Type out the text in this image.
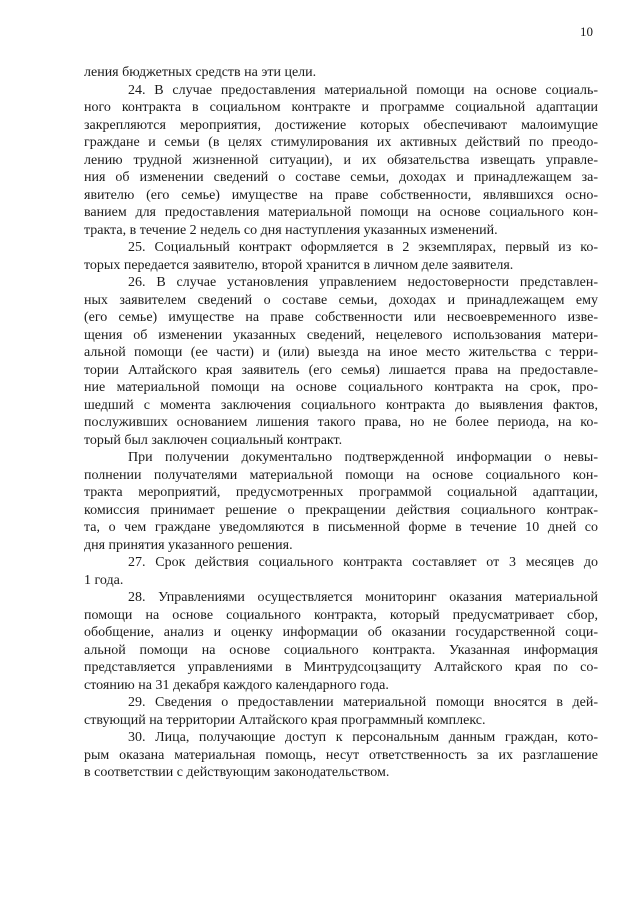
10
ления бюджетных средств на эти цели.
24. В случае предоставления материальной помощи на основе социаль-
ного контракта в социальном контракте и программе социальной адаптации
закрепляются мероприятия, достижение которых обеспечивают малоимущие
граждане и семьи (в целях стимулирования их активных действий по преодо-
лению трудной жизненной ситуации), и их обязательства извещать управле-
ния об изменении сведений о составе семьи, доходах и принадлежащем за-
явителю (его семье) имуществе на праве собственности, являвшихся осно-
ванием для предоставления материальной помощи на основе социального кон-
тракта, в течение 2 недель со дня наступления указанных изменений.
25. Социальный контракт оформляется в 2 экземплярах, первый из ко-
торых передается заявителю, второй хранится в личном деле заявителя.
26. В случае установления управлением недостоверности представлен-
ных заявителем сведений о составе семьи, доходах и принадлежащем ему
(его семье) имуществе на праве собственности или несвоевременного изве-
щения об изменении указанных сведений, нецелевого использования матери-
альной помощи (ее части) и (или) выезда на иное место жительства с терри-
тории Алтайского края заявитель (его семья) лишается права на предоставле-
ние материальной помощи на основе социального контракта на срок, про-
шедший с момента заключения социального контракта до выявления фактов,
послуживших основанием лишения такого права, но не более периода, на ко-
торый был заключен социальный контракт.
При получении документально подтвержденной информации о невы-
полнении получателями материальной помощи на основе социального кон-
тракта мероприятий, предусмотренных программой социальной адаптации,
комиссия принимает решение о прекращении действия социального контрак-
та, о чем граждане уведомляются в письменной форме в течение 10 дней со
дня принятия указанного решения.
27. Срок действия социального контракта составляет от 3 месяцев до
1 года.
28. Управлениями осуществляется мониторинг оказания материальной
помощи на основе социального контракта, который предусматривает сбор,
обобщение, анализ и оценку информации об оказании государственной соци-
альной помощи на основе социального контракта. Указанная информация
представляется управлениями в Минтрудсоцзащиту Алтайского края по со-
стоянию на 31 декабря каждого календарного года.
29. Сведения о предоставлении материальной помощи вносятся в дей-
ствующий на территории Алтайского края программный комплекс.
30. Лица, получающие доступ к персональным данным граждан, кото-
рым оказана материальная помощь, несут ответственность за их разглашение
в соответствии с действующим законодательством.
